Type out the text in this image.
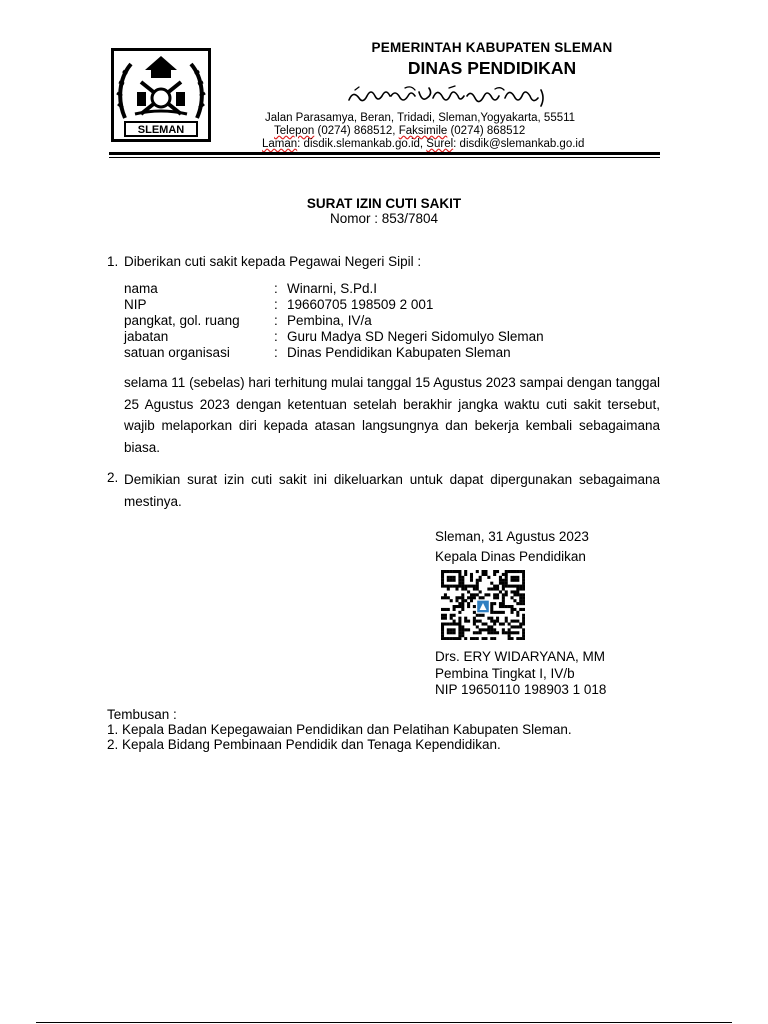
SLEMAN
PEMERINTAH KABUPATEN SLEMAN
DINAS PENDIDIKAN
Jalan Parasamya, Beran, Tridadi, Sleman,Yogyakarta, 55511
Telepon (0274) 868512, Faksimile (0274) 868512
Laman: disdik.slemankab.go.id, Surel: disdik@slemankab.go.id
SURAT IZIN CUTI SAKIT
Nomor : 853/7804
1. Diberikan cuti sakit kepada Pegawai Negeri Sipil :
nama	: Winarni, S.Pd.I
NIP	: 19660705 198509 2 001
pangkat, gol. ruang	: Pembina, IV/a
jabatan	: Guru Madya SD Negeri Sidomulyo Sleman
satuan organisasi	: Dinas Pendidikan Kabupaten Sleman
selama 11 (sebelas) hari terhitung mulai tanggal 15 Agustus 2023 sampai dengan tanggal 25 Agustus 2023 dengan ketentuan setelah berakhir jangka waktu cuti sakit tersebut, wajib melaporkan diri kepada atasan langsungnya dan bekerja kembali sebagaimana biasa.
2. Demikian surat izin cuti sakit ini dikeluarkan untuk dapat dipergunakan sebagaimana mestinya.
Sleman, 31 Agustus 2023
Kepala Dinas Pendidikan
Drs. ERY WIDARYANA, MM
Pembina Tingkat I, IV/b
NIP 19650110 198903 1 018
Tembusan :
1. Kepala Badan Kepegawaian Pendidikan dan Pelatihan Kabupaten Sleman.
2. Kepala Bidang Pembinaan Pendidik dan Tenaga Kependidikan.
